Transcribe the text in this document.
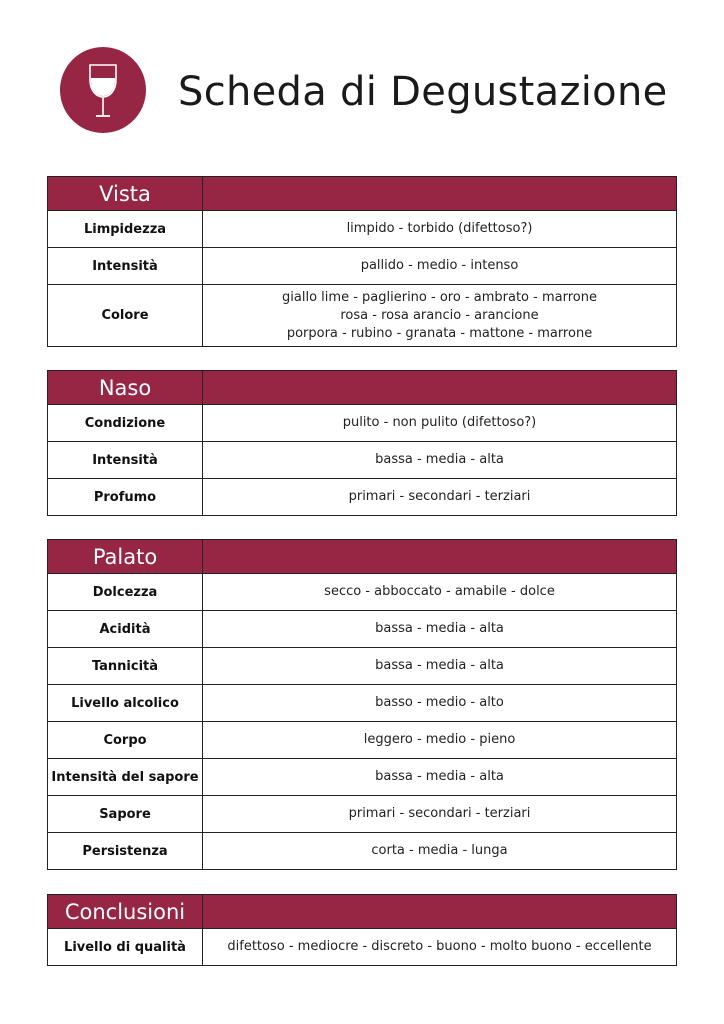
Scheda di Degustazione
Vista	
Limpidezza	limpido - torbido (difettoso?)
Intensità	pallido - medio - intenso
Colore	giallo lime - paglierino - oro - ambrato - marrone
rosa - rosa arancio - arancione
porpora - rubino - granata - mattone - marrone
Naso	
Condizione	pulito - non pulito (difettoso?)
Intensità	bassa - media - alta
Profumo	primari - secondari - terziari
Palato	
Dolcezza	secco - abboccato - amabile - dolce
Acidità	bassa - media - alta
Tannicità	bassa - media - alta
Livello alcolico	basso - medio - alto
Corpo	leggero - medio - pieno
Intensità del sapore	bassa - media - alta
Sapore	primari - secondari - terziari
Persistenza	corta - media - lunga
Conclusioni	
Livello di qualità	difettoso - mediocre - discreto - buono - molto buono - eccellente
